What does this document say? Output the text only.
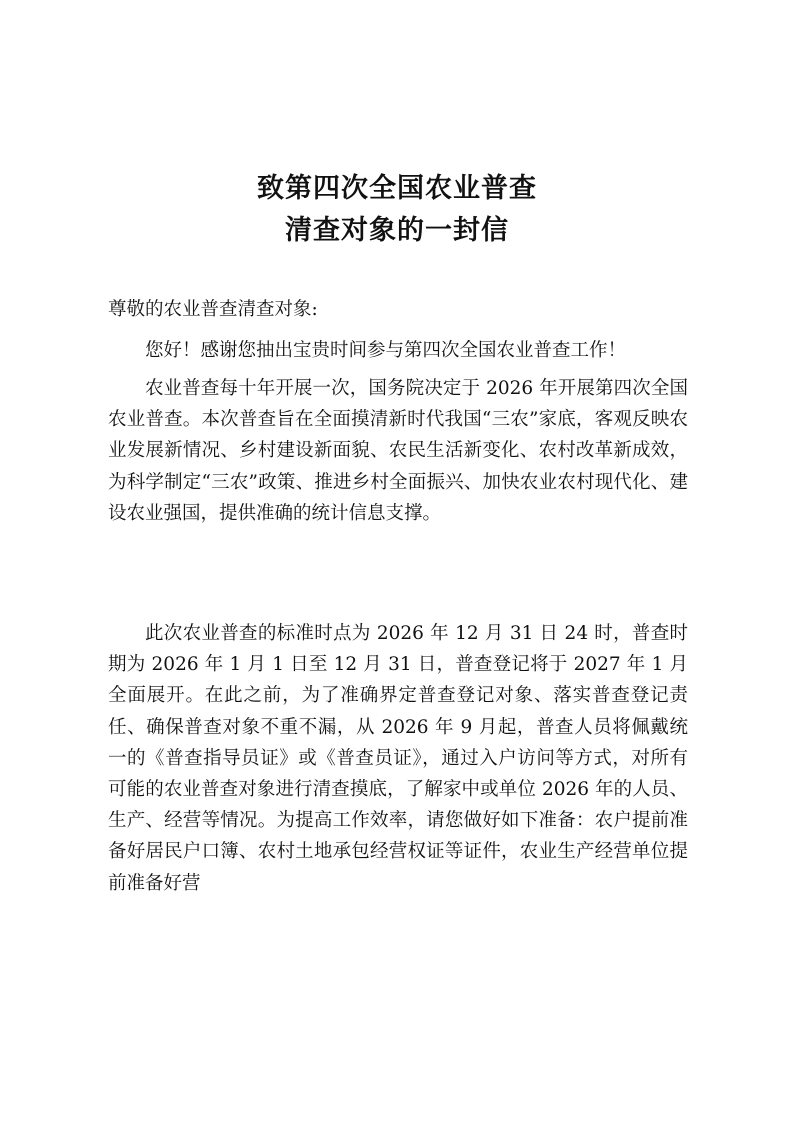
致第四次全国农业普查
清查对象的一封信
尊敬的农业普查清查对象:

您好！感谢您抽出宝贵时间参与第四次全国农业普查工作！

农业普查每十年开展一次，国务院决定于 2026 年开展第四次全国农业普查。本次普查旨在全面摸清新时代我国“三农”家底，客观反映农业发展新情况、乡村建设新面貌、农民生活新变化、农村改革新成效，为科学制定“三农”政策、推进乡村全面振兴、加快农业农村现代化、建设农业强国，提供准确的统计信息支撑。

此次农业普查的标准时点为 2026 年 12 月 31 日 24 时，普查时期为 2026 年 1 月 1 日至 12 月 31 日，普查登记将于 2027 年 1 月全面展开。在此之前，为了准确界定普查登记对象、落实普查登记责任、确保普查对象不重不漏，从 2026 年 9 月起，普查人员将佩戴统一的《普查指导员证》或《普查员证》，通过入户访问等方式，对所有可能的农业普查对象进行清查摸底，了解家中或单位 2026 年的人员、生产、经营等情况。为提高工作效率，请您做好如下准备：农户提前准备好居民户口簿、农村土地承包经营权证等证件，农业生产经营单位提前准备好营
